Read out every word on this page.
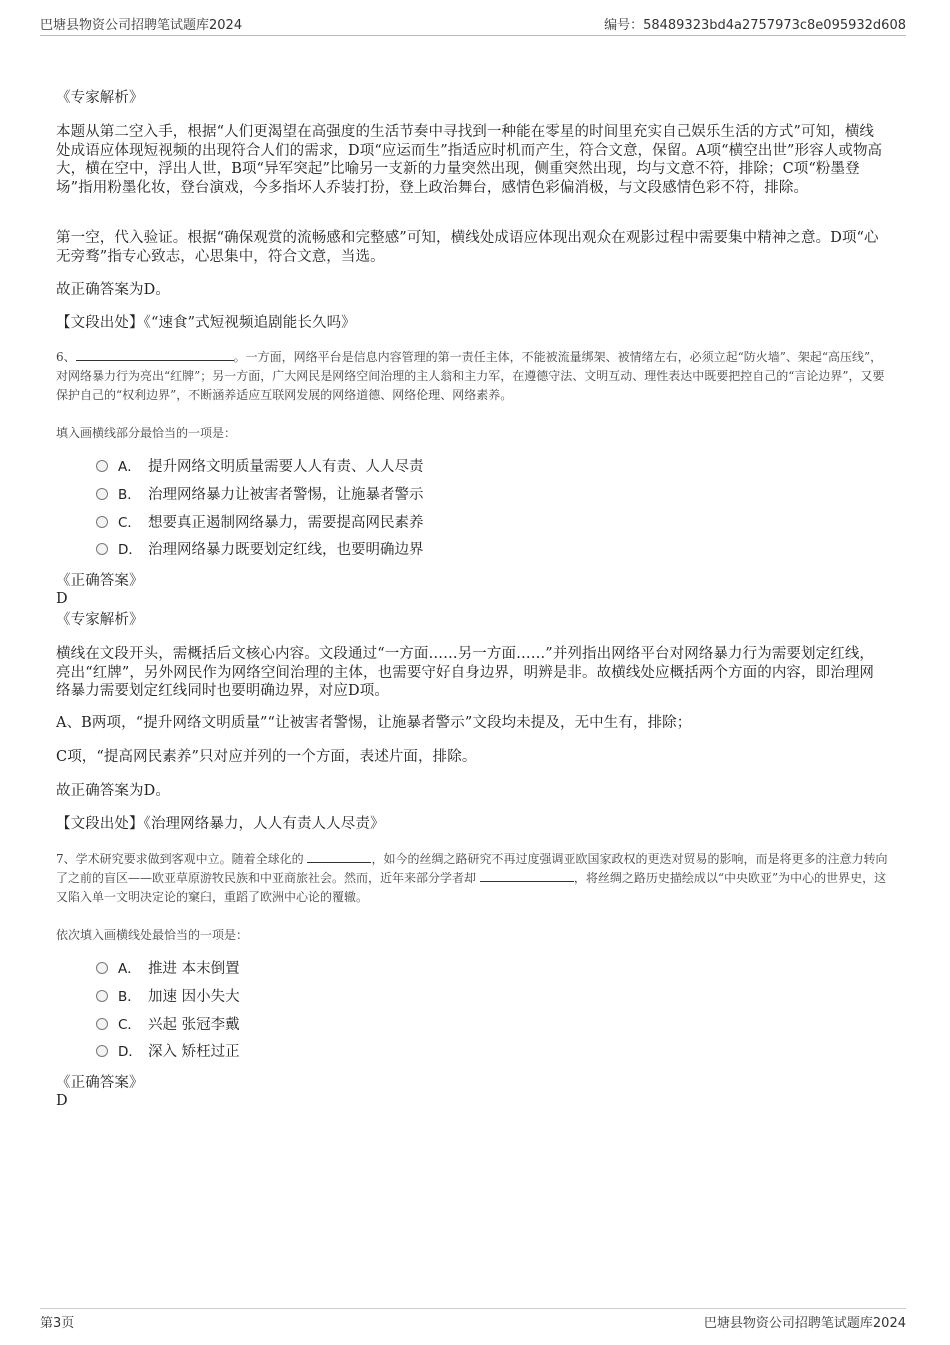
巴塘县物资公司招聘笔试题库2024	编号：58489323bd4a2757973c8e095932d608
《专家解析》
本题从第二空入手，根据“人们更渴望在高强度的生活节奏中寻找到一种能在零星的时间里充实自己娱乐生活的方式”可知，横线处成语应体现短视频的出现符合人们的需求，D项“应运而生”指适应时机而产生，符合文意，保留。A项“横空出世”形容人或物高大，横在空中，浮出人世，B项“异军突起”比喻另一支新的力量突然出现，侧重突然出现，均与文意不符，排除；C项“粉墨登场”指用粉墨化妆，登台演戏，今多指坏人乔装打扮，登上政治舞台，感情色彩偏消极，与文段感情色彩不符，排除。
第一空，代入验证。根据“确保观赏的流畅感和完整感”可知，横线处成语应体现出观众在观影过程中需要集中精神之意。D项“心无旁骛”指专心致志，心思集中，符合文意，当选。
故正确答案为D。
【文段出处】《“速食”式短视频追剧能长久吗》
6、	。一方面，网络平台是信息内容管理的第一责任主体，不能被流量绑架、被情绪左右，必须立起“防火墙”、架起“高压线”，对网络暴力行为亮出“红牌”；另一方面，广大网民是网络空间治理的主人翁和主力军，在遵德守法、文明互动、理性表达中既要把控自己的“言论边界”，又要保护自己的“权利边界”，不断涵养适应互联网发展的网络道德、网络伦理、网络素养。
填入画横线部分最恰当的一项是：
A． 提升网络文明质量需要人人有责、人人尽责
B． 治理网络暴力让被害者警惕，让施暴者警示
C． 想要真正遏制网络暴力，需要提高网民素养
D． 治理网络暴力既要划定红线，也要明确边界
《正确答案》
D
《专家解析》
横线在文段开头，需概括后文核心内容。文段通过“一方面……另一方面……”并列指出网络平台对网络暴力行为需要划定红线，亮出“红牌”，另外网民作为网络空间治理的主体，也需要守好自身边界，明辨是非。故横线处应概括两个方面的内容，即治理网络暴力需要划定红线同时也要明确边界，对应D项。
A、B两项，“提升网络文明质量”“让被害者警惕，让施暴者警示”文段均未提及，无中生有，排除；
C项，“提高网民素养”只对应并列的一个方面，表述片面，排除。
故正确答案为D。
【文段出处】《治理网络暴力，人人有责人人尽责》
7、学术研究要求做到客观中立。随着全球化的	，如今的丝绸之路研究不再过度强调亚欧国家政权的更迭对贸易的影响，而是将更多的注意力转向了之前的盲区——欧亚草原游牧民族和中亚商旅社会。然而，近年来部分学者却	，将丝绸之路历史描绘成以“中央欧亚”为中心的世界史，这又陷入单一文明决定论的窠臼，重蹈了欧洲中心论的覆辙。
依次填入画横线处最恰当的一项是：
A． 推进 本末倒置
B． 加速 因小失大
C． 兴起 张冠李戴
D． 深入 矫枉过正
《正确答案》
D
第3页	巴塘县物资公司招聘笔试题库2024
